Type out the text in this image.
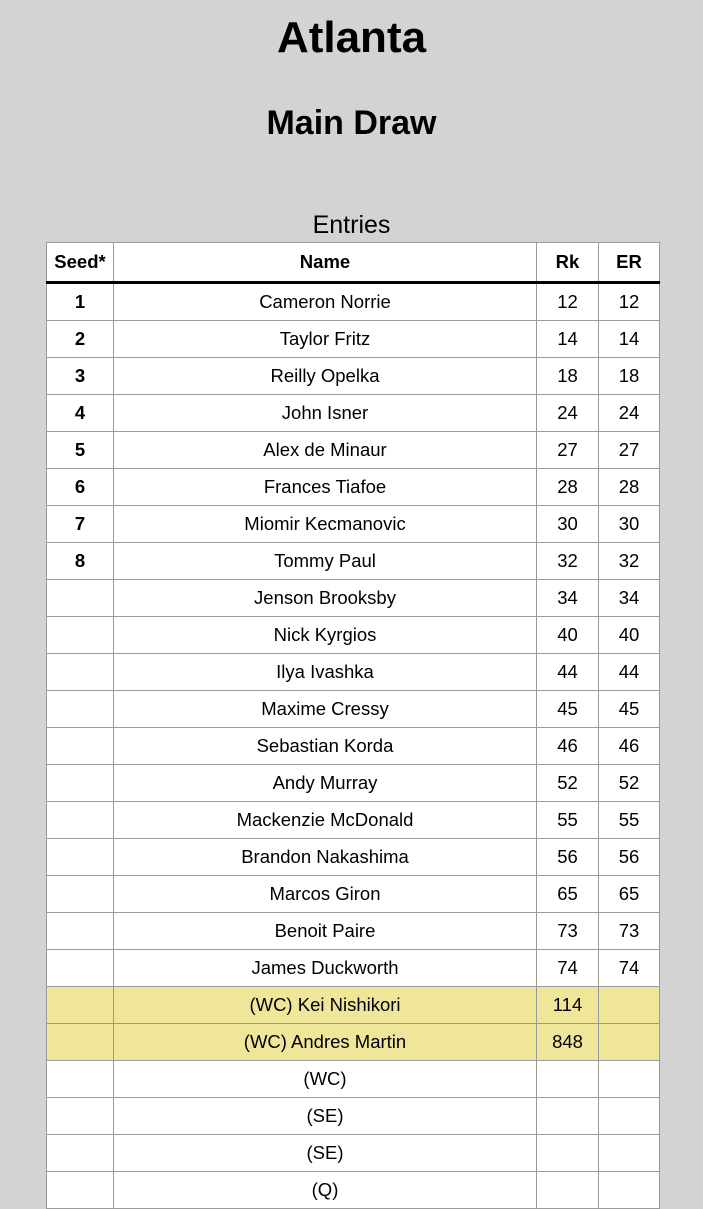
Atlanta
Main Draw
Entries
Seed*	Name	Rk	ER
1	Cameron Norrie	12	12
2	Taylor Fritz	14	14
3	Reilly Opelka	18	18
4	John Isner	24	24
5	Alex de Minaur	27	27
6	Frances Tiafoe	28	28
7	Miomir Kecmanovic	30	30
8	Tommy Paul	32	32
	Jenson Brooksby	34	34
	Nick Kyrgios	40	40
	Ilya Ivashka	44	44
	Maxime Cressy	45	45
	Sebastian Korda	46	46
	Andy Murray	52	52
	Mackenzie McDonald	55	55
	Brandon Nakashima	56	56
	Marcos Giron	65	65
	Benoit Paire	73	73
	James Duckworth	74	74
	(WC) Kei Nishikori	114	
	(WC) Andres Martin	848	
	(WC)		
	(SE)		
	(SE)		
	(Q)		
